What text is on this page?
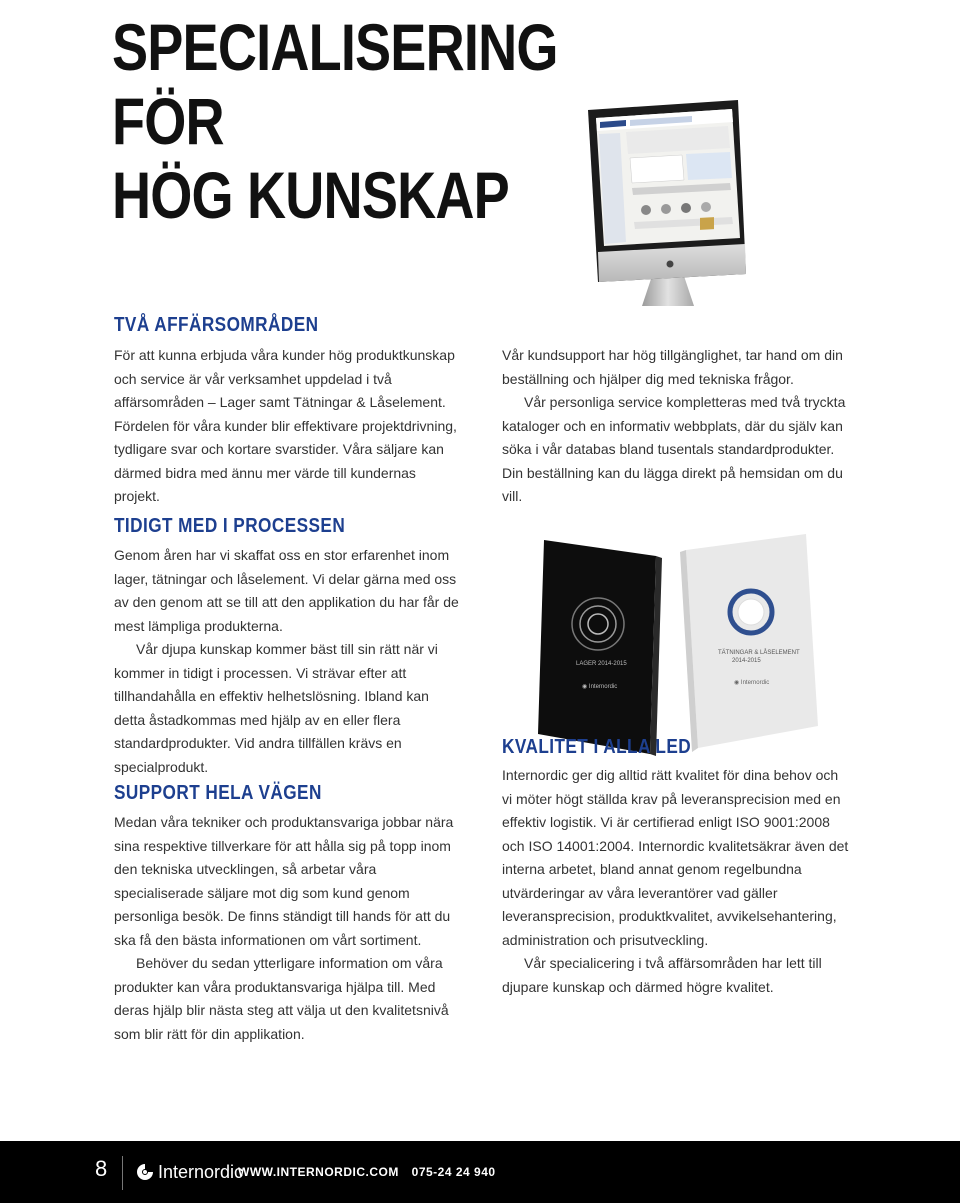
SPECIALISERING FÖR
HÖG KUNSKAP
TVÅ AFFÄRSOMRÅDEN

För att kunna erbjuda våra kunder hög produktkunskap och service är vår verksamhet uppdelad i två affärsområden – Lager samt Tätningar & Låselement. Fördelen för våra kunder blir effektivare projektdrivning, tydligare svar och kortare svarstider. Våra säljare kan därmed bidra med ännu mer värde till kundernas projekt.

Vår kundsupport har hög tillgänglighet, tar hand om din beställning och hjälper dig med tekniska frågor.

Vår personliga service kompletteras med två tryckta kataloger och en informativ webbplats, där du själv kan söka i vår databas bland tusentals standardprodukter. Din beställning kan du lägga direkt på hemsidan om du vill.

TIDIGT MED I PROCESSEN

Genom åren har vi skaffat oss en stor erfarenhet inom lager, tätningar och låselement. Vi delar gärna med oss av den genom att se till att den applikation du har får de mest lämpliga produkterna.

Vår djupa kunskap kommer bäst till sin rätt när vi kommer in tidigt i processen. Vi strävar efter att tillhandahålla en effektiv helhetslösning. Ibland kan detta åstadkommas med hjälp av en eller flera standardprodukter. Vid andra tillfällen krävs en specialprodukt.

TÄTNINGAR & LÅSELEMENT
2014-2015
◉ Internordic
LAGER 2014-2015
◉ Internordic
KVALITET I ALLA LED

Internordic ger dig alltid rätt kvalitet för dina behov och vi möter högt ställda krav på leveransprecision med en effektiv logistik. Vi är certifierad enligt ISO 9001:2008 och ISO 14001:2004. Internordic kvalitetsäkrar även det interna arbetet, bland annat genom regelbundna utvärderingar av våra leverantörer vad gäller leveransprecision, produktkvalitet, avvikelsehantering, administration och prisutveckling.

Vår specialicering i två affärsområden har lett till djupare kunskap och därmed högre kvalitet.

SUPPORT HELA VÄGEN

Medan våra tekniker och produktansvariga jobbar nära sina respektive tillverkare för att hålla sig på topp inom den tekniska utvecklingen, så arbetar våra specialiserade säljare mot dig som kund genom personliga besök. De finns ständigt till hands för att du ska få den bästa informationen om vårt sortiment.

Behöver du sedan ytterligare information om våra produkter kan våra produktansvariga hjälpa till. Med deras hjälp blir nästa steg att välja ut den kvalitetsnivå som blir rätt för din applikation.

8	Internordic
WWW.INTERNORDIC.COM 075-24 24 940
